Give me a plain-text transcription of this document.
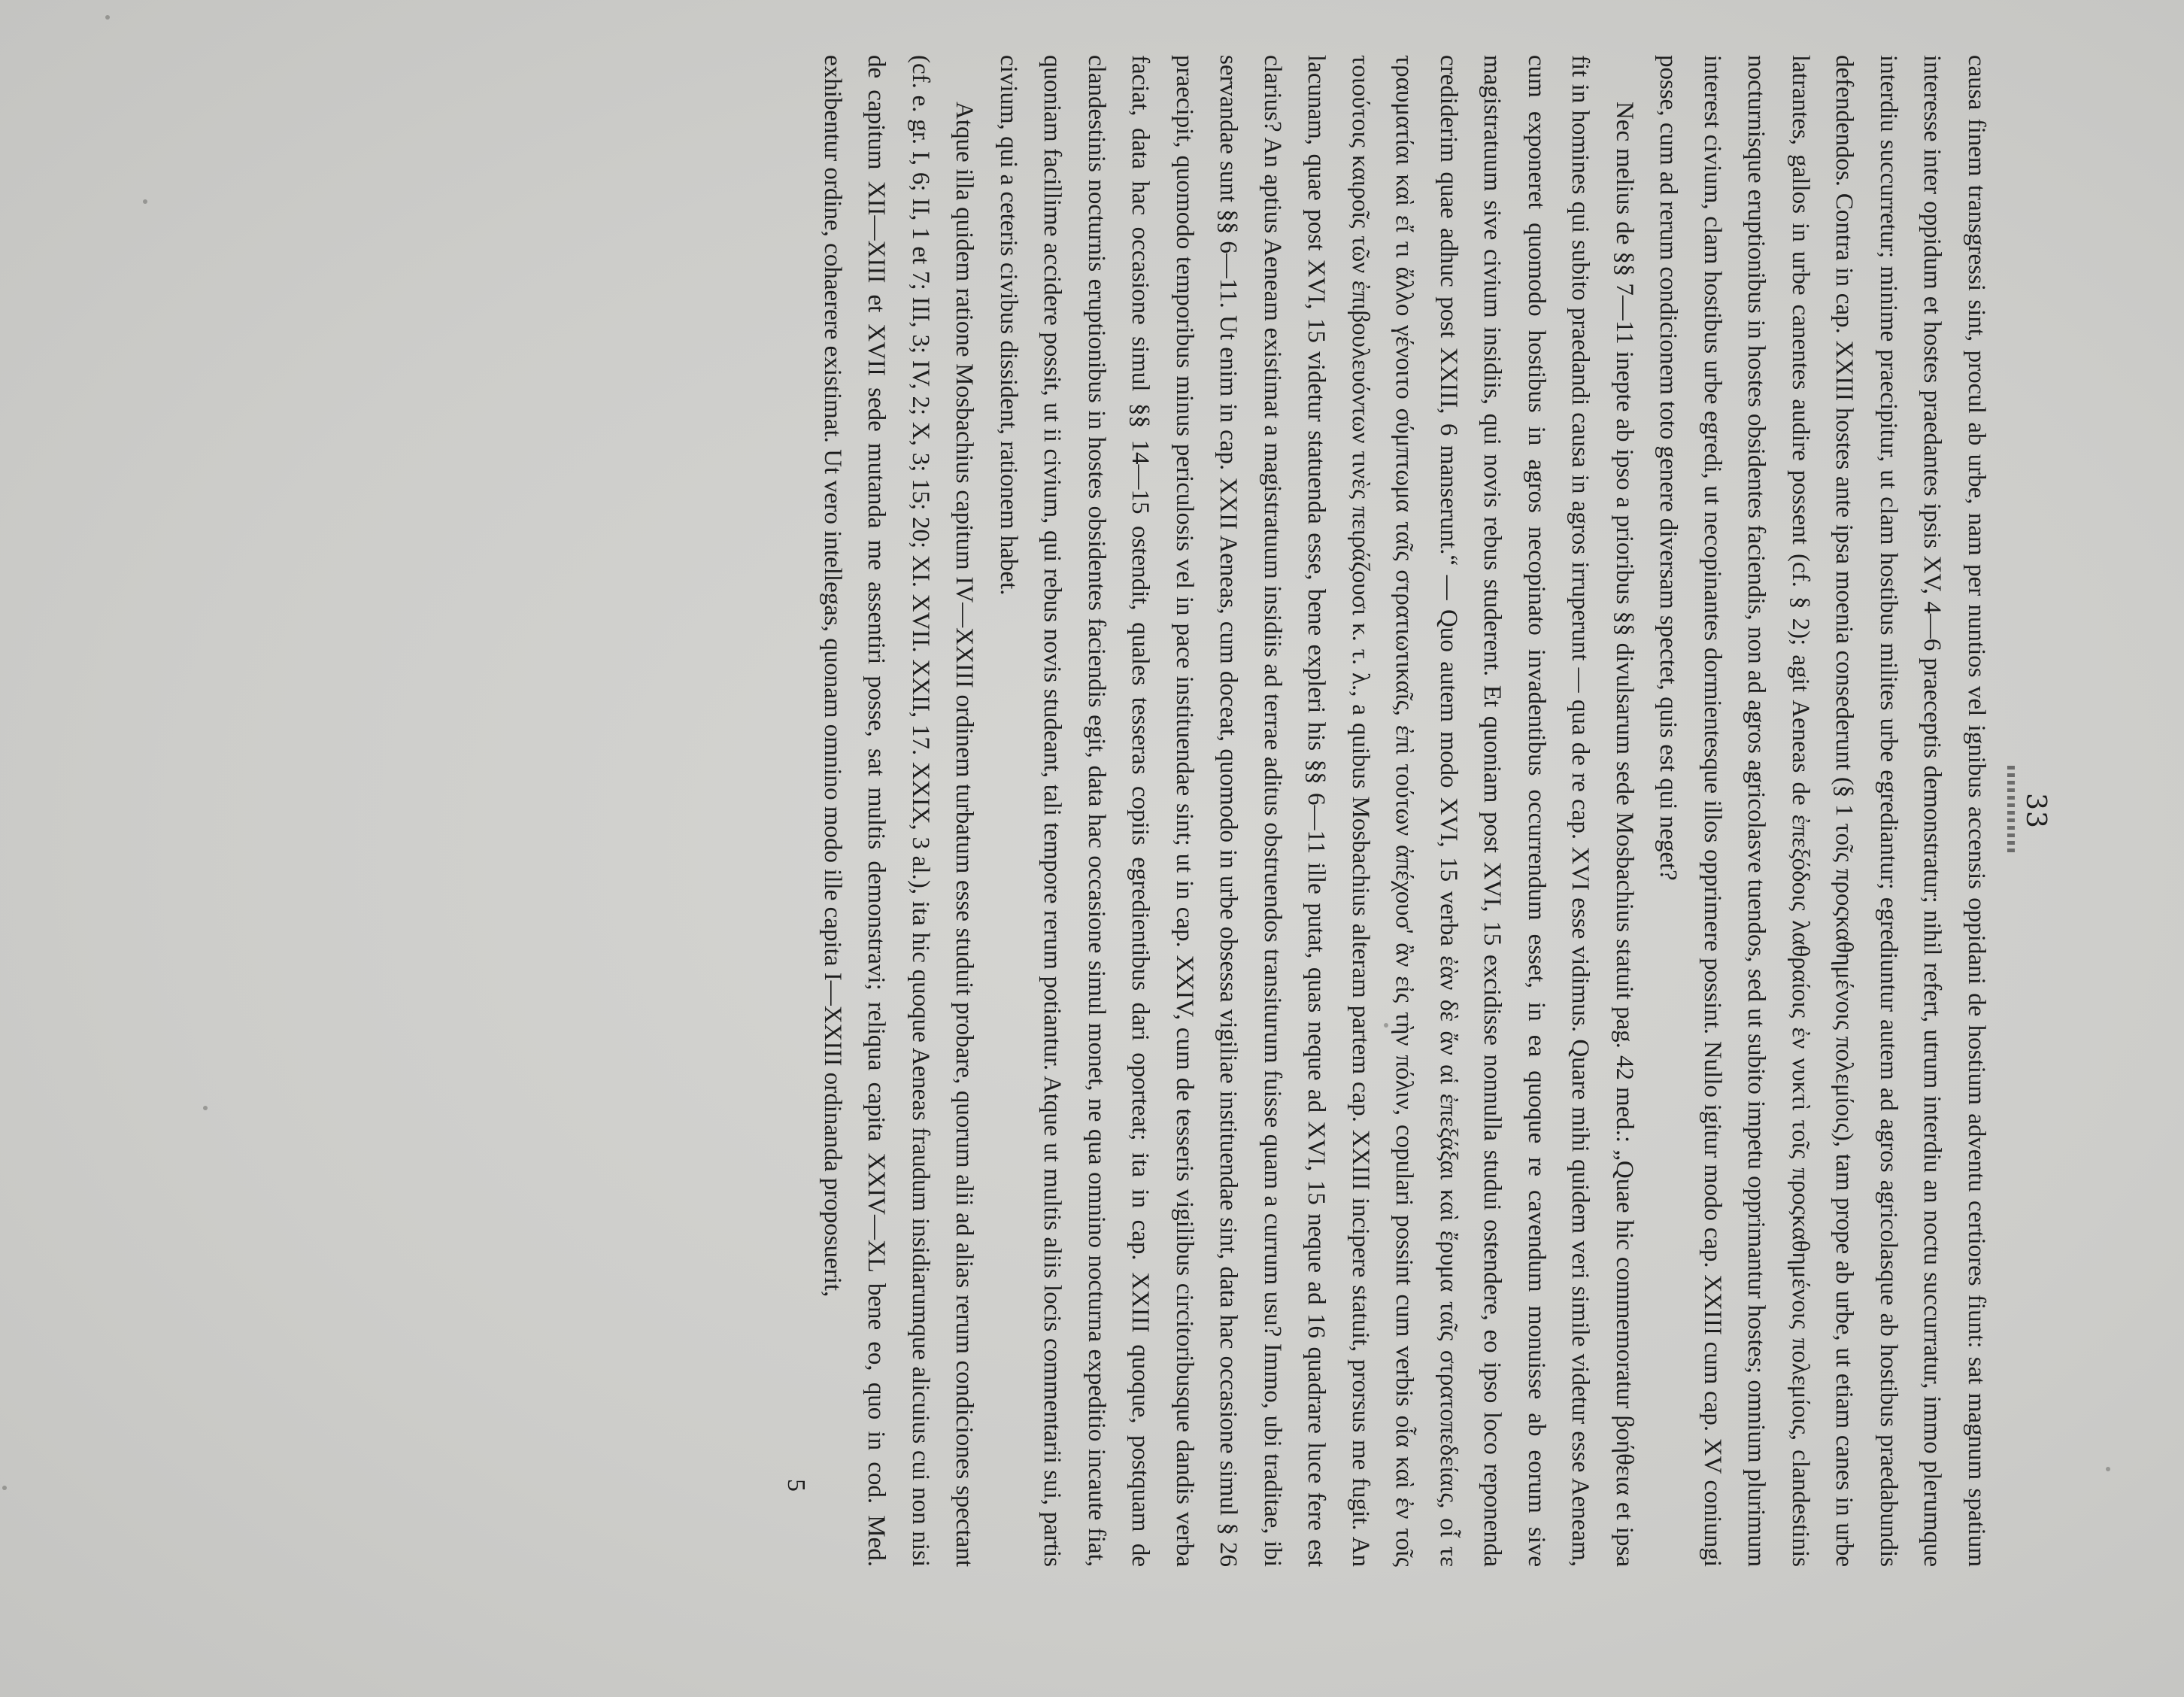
33

causa finem transgressi sint, procul ab urbe, nam per nuntios vel ignibus accensis oppidani de hostium adventu certiores fiunt: sat magnum spatium interesse inter oppidum et hostes praedantes ipsis XV, 4—6 praeceptis demonstratur; nihil refert, utrum interdiu an noctu succurratur, immo plerumque interdiu succurretur; minime praecipitur, ut clam hostibus milites urbe egrediantur; egrediuntur autem ad agros agricolasque ab hostibus praedabundis defendendos. Contra in cap. XXIII hostes ante ipsa moenia consederunt (§ 1 τοῖς προςκαθημένοις πολεμίοις), tam prope ab urbe, ut etiam canes in urbe latrantes, gallos in urbe canentes audire possent (cf. § 2); agit Aeneas de ἐπεξόδοις λαθραίοις ἐν νυκτὶ τοῖς προςκαθημένοις πολεμίοις, clandestinis nocturnisque eruptionibus in hostes obsidentes faciendis, non ad agros agricolasve tuendos, sed ut subito impetu opprimantur hostes; omnium plurimum interest civium, clam hostibus urbe egredi, ut necopinantes dormientesque illos opprimere possint. Nullo igitur modo cap. XXIII cum cap. XV coniungi posse, cum ad rerum condicionem toto genere diversam spectet, quis est qui neget?

Nec melius de §§ 7—11 inepte ab ipso a prioribus §§ divulsarum sede Mosbachius statuit pag. 42 med.: „Quae hic commemoratur βοήθεια et ipsa fit in homines qui subito praedandi causa in agros irruperunt — qua de re cap. XVI esse vidimus. Quare mihi quidem veri simile videtur esse Aeneam, cum exponeret quomodo hostibus in agros necopinato invadentibus occurrendum esset, in ea quoque re cavendum monuisse ab eorum sive magistratuum sive civium insidiis, qui novis rebus studerent. Et quoniam post XVI, 15 excidisse nonnulla studui ostendere, eo ipso loco reponenda crediderim quae adhuc post XXIII, 6 manserunt.“ — Quo autem modo XVI, 15 verba ἐὰν δὲ ἄν αἱ ἐπεξάξαι καὶ ἔρυμα ταῖς στρατοπεδείαις, οἷ τε τραυματίαι καὶ εἴ τι ἄλλο γένοιτο σύμπτωμα ταῖς στρατιωτικαῖς, ἐπὶ τούτων ἀπέχουσ' ἂν εἰς τὴν πόλιν, copulari possint cum verbis οἷα καὶ ἐν τοῖς τοιούτοις καιροῖς τῶν ἐπιβουλευόντων τινὲς πειράζουσι κ. τ. λ., a quibus Mosbachius alteram partem cap. XXIII incipere statuit, prorsus me fugit. An lacunam, quae post XVI, 15 videtur statuenda esse, bene expleri his §§ 6—11 ille putat, quas neque ad XVI, 15 neque ad 16 quadrare luce fere est clarius? An aptius Aeneam existimat a magistratuum insidiis ad terrae aditus obstruendos transiturum fuisse quam a currum usu? Immo, ubi traditae, ibi servandae sunt §§ 6—11. Ut enim in cap. XXII Aeneas, cum doceat, quomodo in urbe obsessa vigiliae instituendae sint, data hac occasione simul § 26 praecipit, quomodo temporibus minus periculosis vel in pace instituendae sint; ut in cap. XXIV, cum de tesseris vigilibus circitoribusque dandis verba faciat, data hac occasione simul §§ 14—15 ostendit, quales tesseras copiis egredientibus dari oporteat; ita in cap. XXIII quoque, postquam de clandestinis nocturnis eruptionibus in hostes obsidentes faciendis egit, data hac occasione simul monet, ne qua omnino nocturna expeditio incaute fiat, quoniam facillime accidere possit, ut ii civium, qui rebus novis studeant, tali tempore rerum potiantur. Atque ut multis aliis locis commentarii sui, partis civium, qui a ceteris civibus dissident, rationem habet.

Atque illa quidem ratione Mosbachius capitum IV—XXIII ordinem turbatum esse studuit probare, quorum alii ad alias rerum condiciones spectant (cf. e. gr. I, 6; II, 1 et 7; III, 3; IV, 2; X, 3; 15; 20; XI. XVII. XXII, 17. XXIX, 3 al.), ita hic quoque Aeneas fraudum insidiarumque alicuius cui non nisi de capitum XII—XIII et XVII sede mutanda me assentiri posse, sat multis demonstravi; reliqua capita XXIV—XL bene eo, quo in cod. Med. exhibentur ordine, cohaerere existimat. Ut vero intellegas, quonam omnino modo ille capita I—XXIII ordinanda proposuerit,

5
